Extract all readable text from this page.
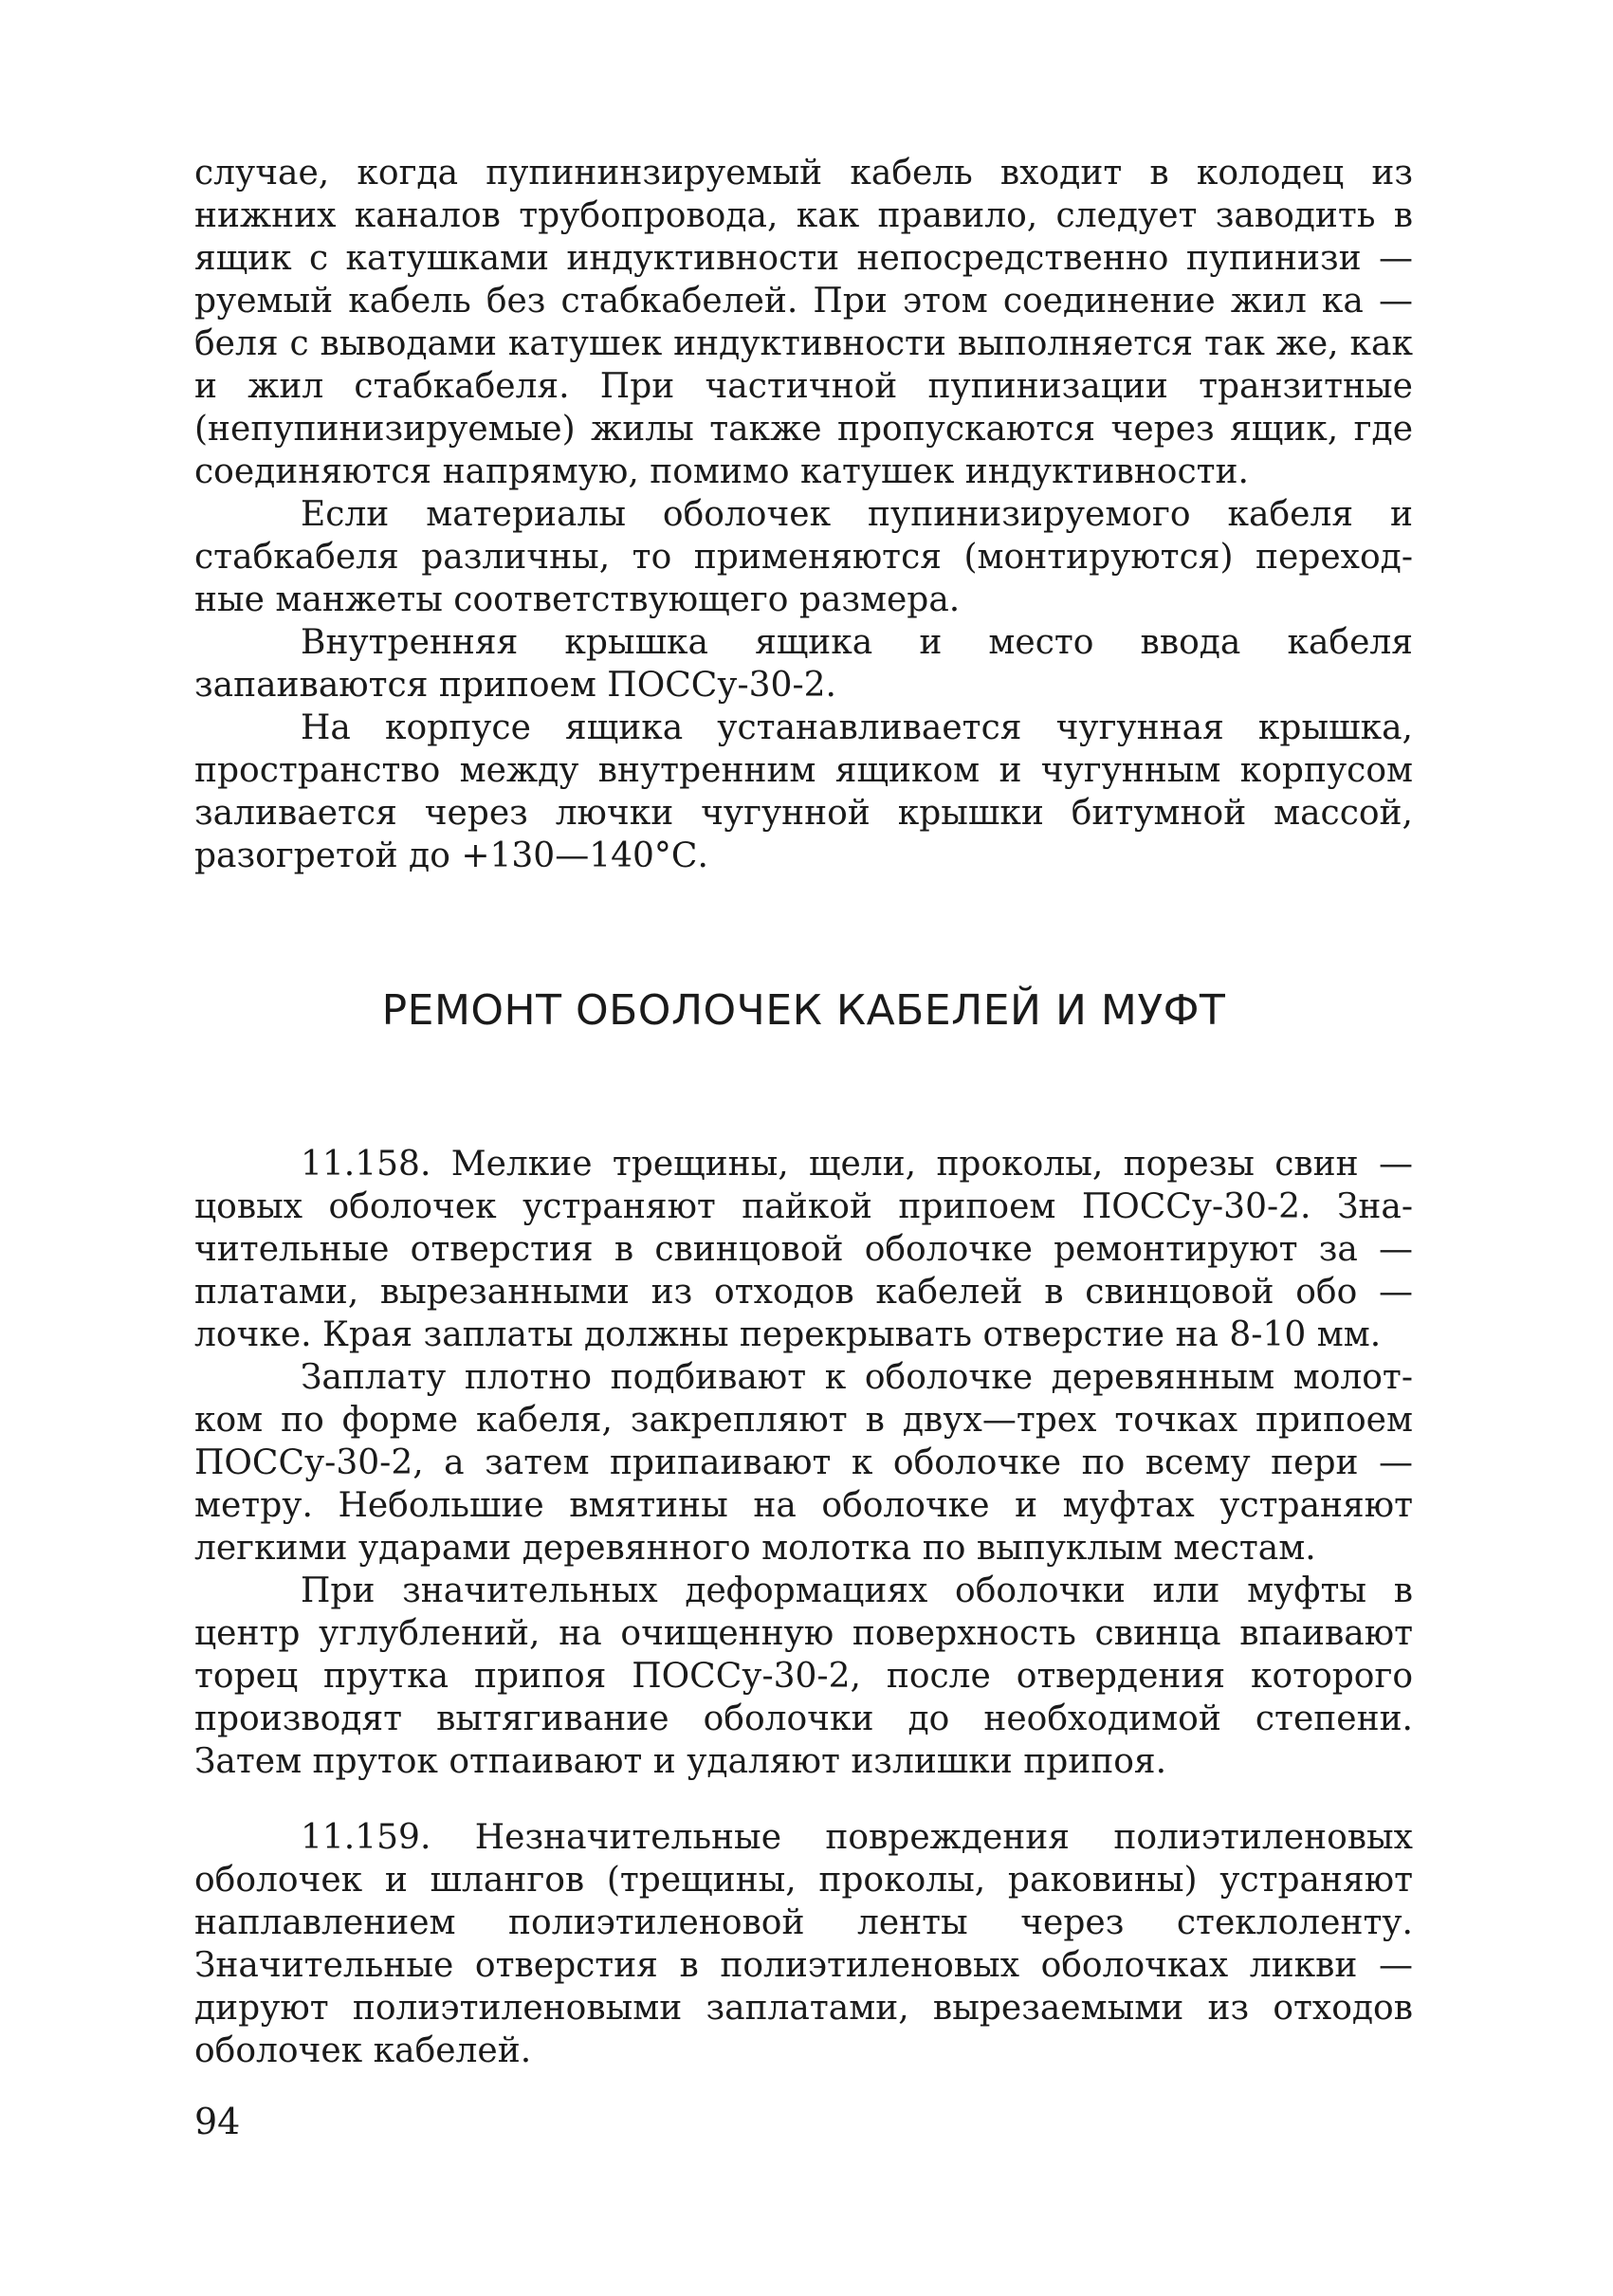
случае, когда пупининзируемый кабель входит в колодец из нижних каналов трубопровода, как правило, следует заводить в ящик с катушками индуктивности непосредственно пупинизи — руемый кабель без стабкабелей. При этом соединение жил ка — беля с выводами катушек индуктивности выполняется так же, как и жил стабкабеля. При частичной пупинизации транзитные (непупинизируемые) жилы также пропускаются через ящик, где соединяются напрямую, помимо катушек индуктивности.

Если материалы оболочек пупинизируемого кабеля и стабкабеля различны, то применяются (монтируются) переход- ные манжеты соответствующего размера.

Внутренняя крышка ящика и место ввода кабеля запаиваются припоем ПОССу-30-2.

На корпусе ящика устанавливается чугунная крышка, пространство между внутренним ящиком и чугунным корпусом заливается через лючки чугунной крышки битумной массой, разогретой до +130—140°С.

РЕМОНТ ОБОЛОЧЕК КАБЕЛЕЙ И МУФТ

11.158. Мелкие трещины, щели, проколы, порезы свин — цовых оболочек устраняют пайкой припоем ПОССу-30-2. Зна- чительные отверстия в свинцовой оболочке ремонтируют за — платами, вырезанными из отходов кабелей в свинцовой обо — лочке. Края заплаты должны перекрывать отверстие на 8-10 мм.

Заплату плотно подбивают к оболочке деревянным молот- ком по форме кабеля, закрепляют в двух—трех точках припоем ПОССу-30-2, а затем припаивают к оболочке по всему пери — метру. Небольшие вмятины на оболочке и муфтах устраняют легкими ударами деревянного молотка по выпуклым местам.

При значительных деформациях оболочки или муфты в центр углублений, на очищенную поверхность свинца впаивают торец прутка припоя ПОССу-30-2, после отвердения которого производят вытягивание оболочки до необходимой степени. Затем пруток отпаивают и удаляют излишки припоя.

11.159. Незначительные повреждения полиэтиленовых оболочек и шлангов (трещины, проколы, раковины) устраняют наплавлением полиэтиленовой ленты через стеклоленту. Значительные отверстия в полиэтиленовых оболочках ликви — дируют полиэтиленовыми заплатами, вырезаемыми из отходов оболочек кабелей.

94
